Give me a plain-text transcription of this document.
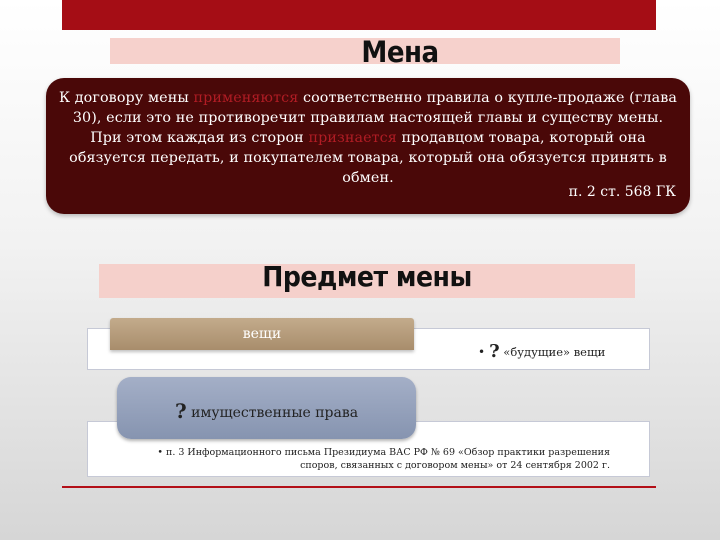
Мена
К договору мены применяются соответственно правила о купле-продаже (глава 30), если это не противоречит правилам настоящей главы и существу мены. При этом каждая из сторон признается продавцом товара, который она обязуется передать, и покупателем товара, который она обязуется принять в обмен.
п. 2 ст. 568 ГК
Предмет мены
вещи
• ? «будущие» вещи
? имущественные права
• п. 3 Информационного письма Президиума ВАС РФ № 69 «Обзор практики разрешения
споров, связанных с договором мены» от 24 сентября 2002 г.
